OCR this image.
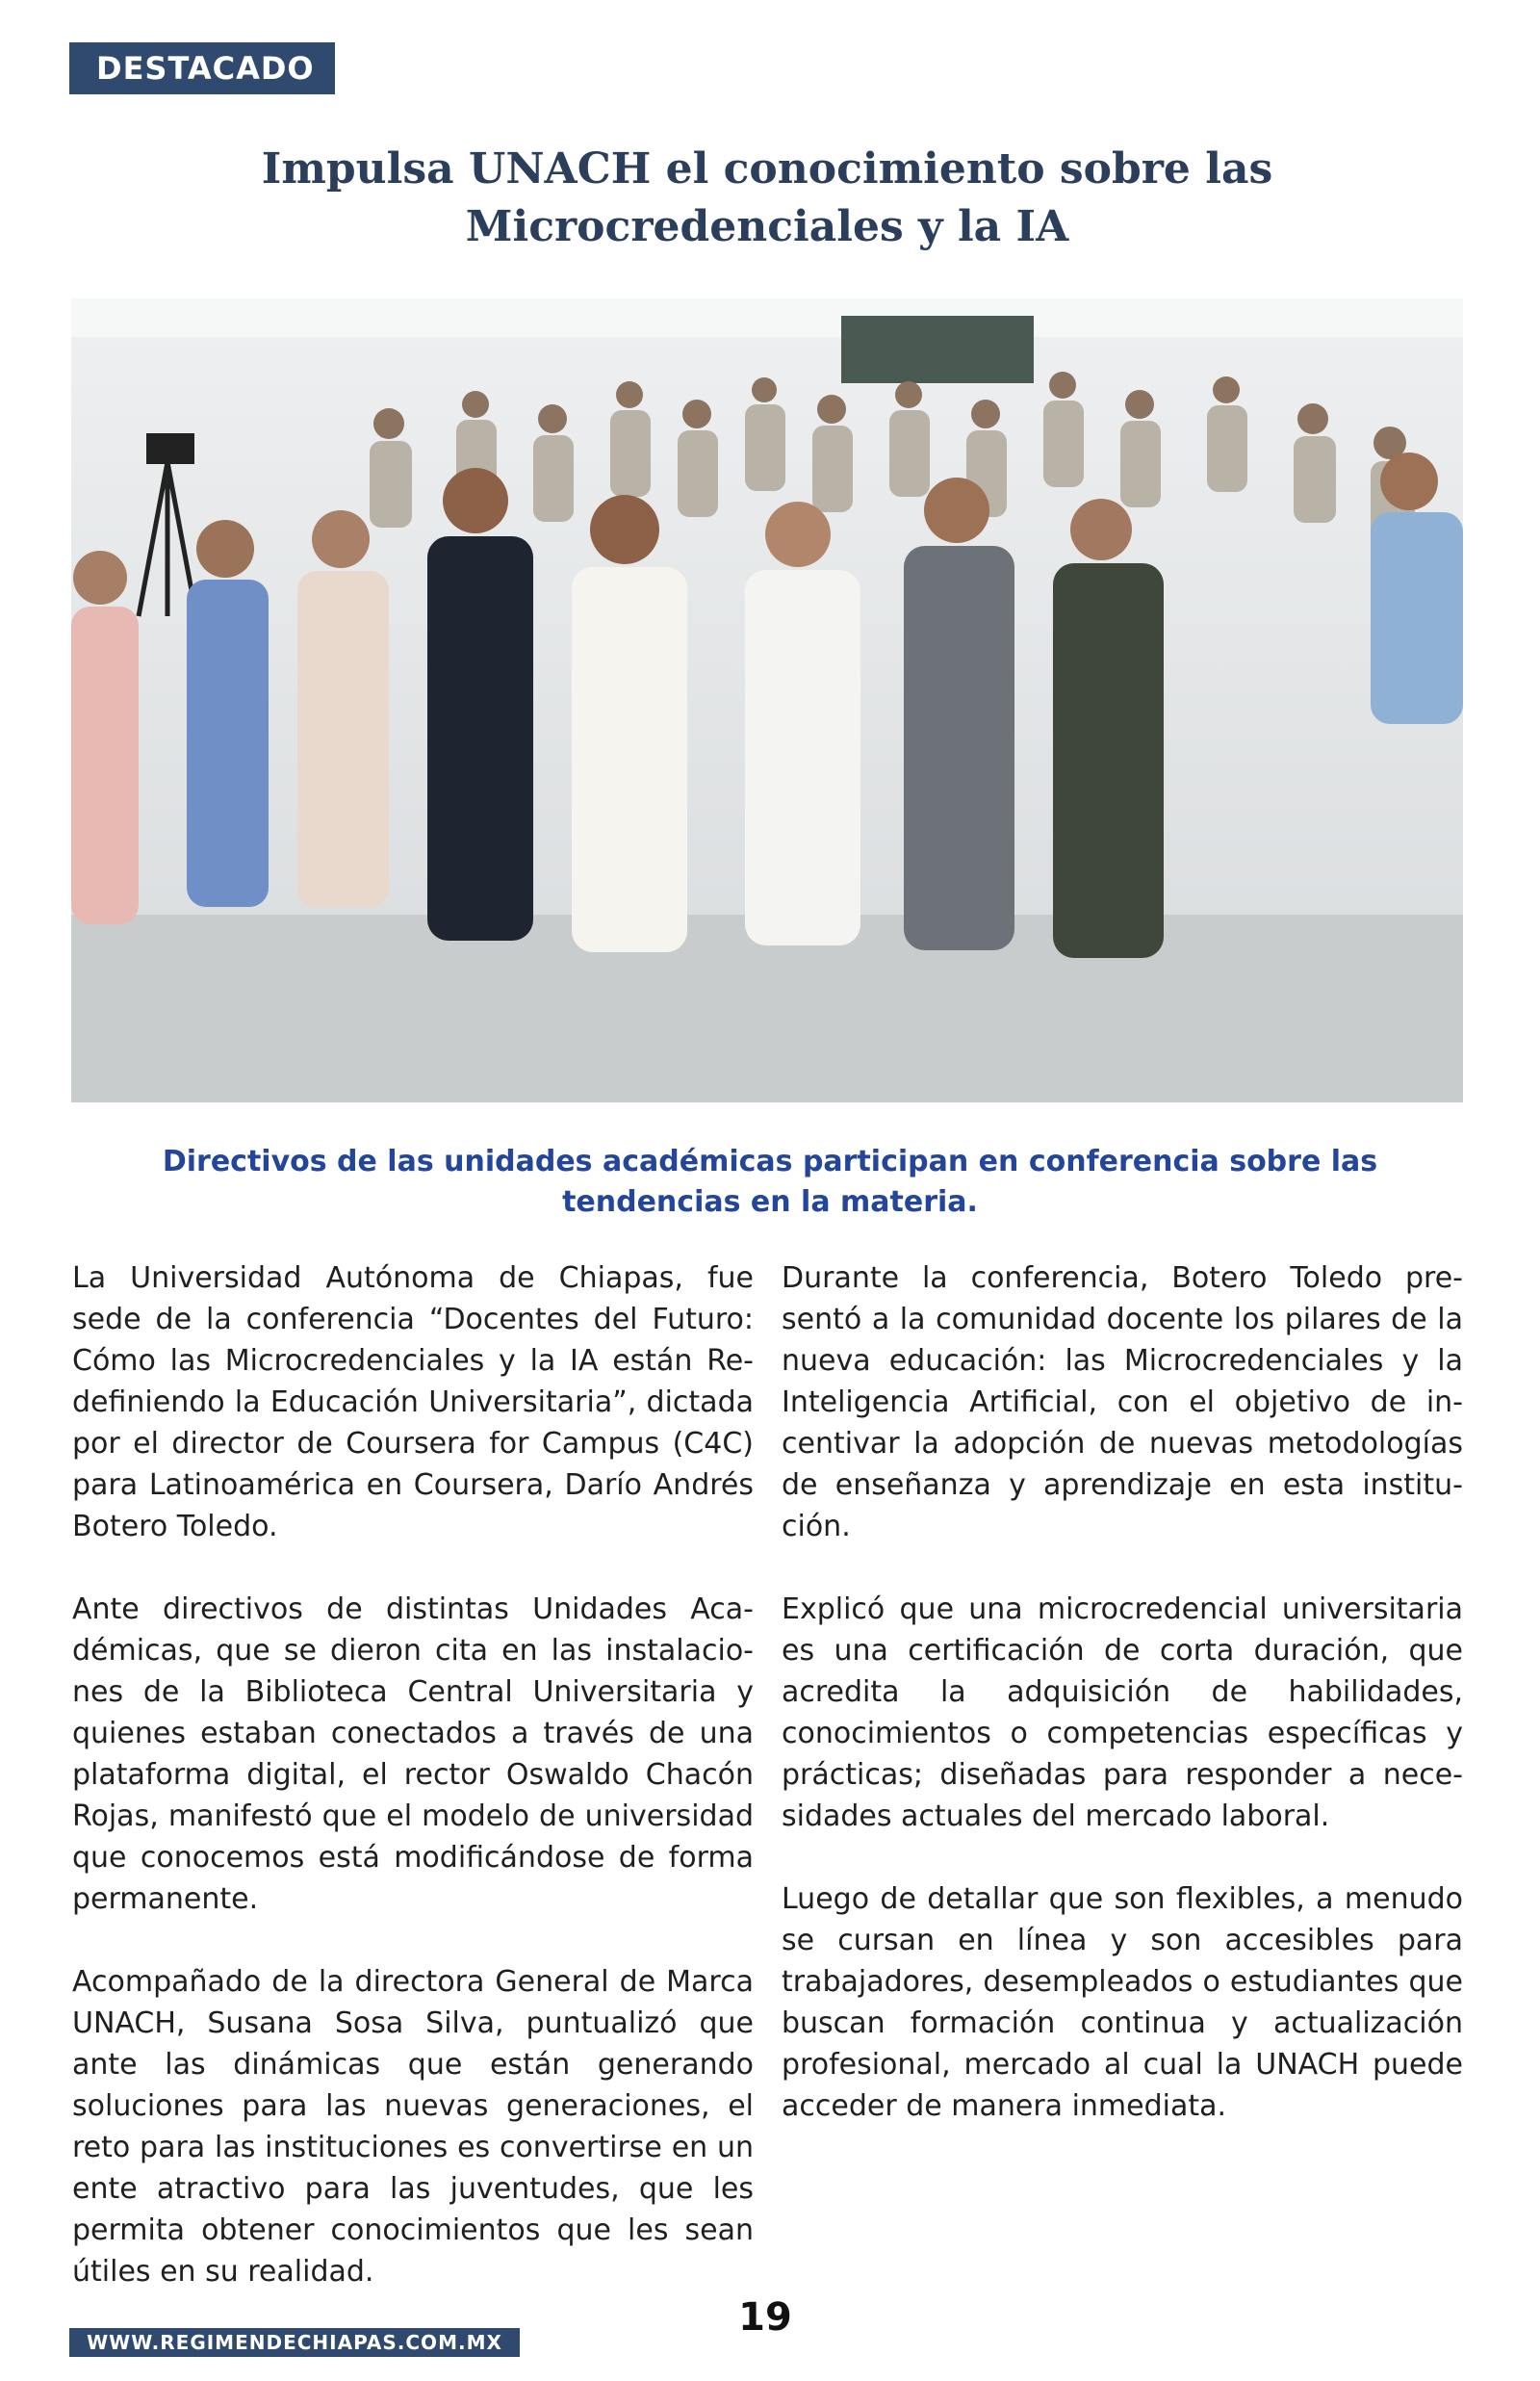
DESTACADO
Impulsa UNACH el conocimiento sobre las Microcredenciales y la IA

Directivos de las unidades académicas participan en conferencia sobre las tendencias en la materia.

La Universidad Autónoma de Chiapas, fue sede de la conferencia “Docentes del Futuro: Cómo las Microcredenciales y la IA están Redefiniendo la Educación Universitaria”, dictada por el director de Coursera for Campus (C4C) para Latinoamérica en Coursera, Darío Andrés Botero Toledo.

Ante directivos de distintas Unidades Académicas, que se dieron cita en las instalaciones de la Biblioteca Central Universitaria y quienes estaban conectados a través de una plataforma digital, el rector Oswaldo Chacón Rojas, manifestó que el modelo de universidad que conocemos está modificándose de forma permanente.

Acompañado de la directora General de Marca UNACH, Susana Sosa Silva, puntualizó que ante las dinámicas que están generando soluciones para las nuevas generaciones, el reto para las instituciones es convertirse en un ente atractivo para las juventudes, que les permita obtener conocimientos que les sean útiles en su realidad.

Durante la conferencia, Botero Toledo presentó a la comunidad docente los pilares de la nueva educación: las Microcredenciales y la Inteligencia Artificial, con el objetivo de incentivar la adopción de nuevas metodologías de enseñanza y aprendizaje en esta institución.

Explicó que una microcredencial universitaria es una certificación de corta duración, que acredita la adquisición de habilidades, conocimientos o competencias específicas y prácticas; diseñadas para responder a necesidades actuales del mercado laboral.

Luego de detallar que son flexibles, a menudo se cursan en línea y son accesibles para trabajadores, desempleados o estudiantes que buscan formación continua y actualización profesional, mercado al cual la UNACH puede acceder de manera inmediata.

19
WWW.REGIMENDECHIAPAS.COM.MX
